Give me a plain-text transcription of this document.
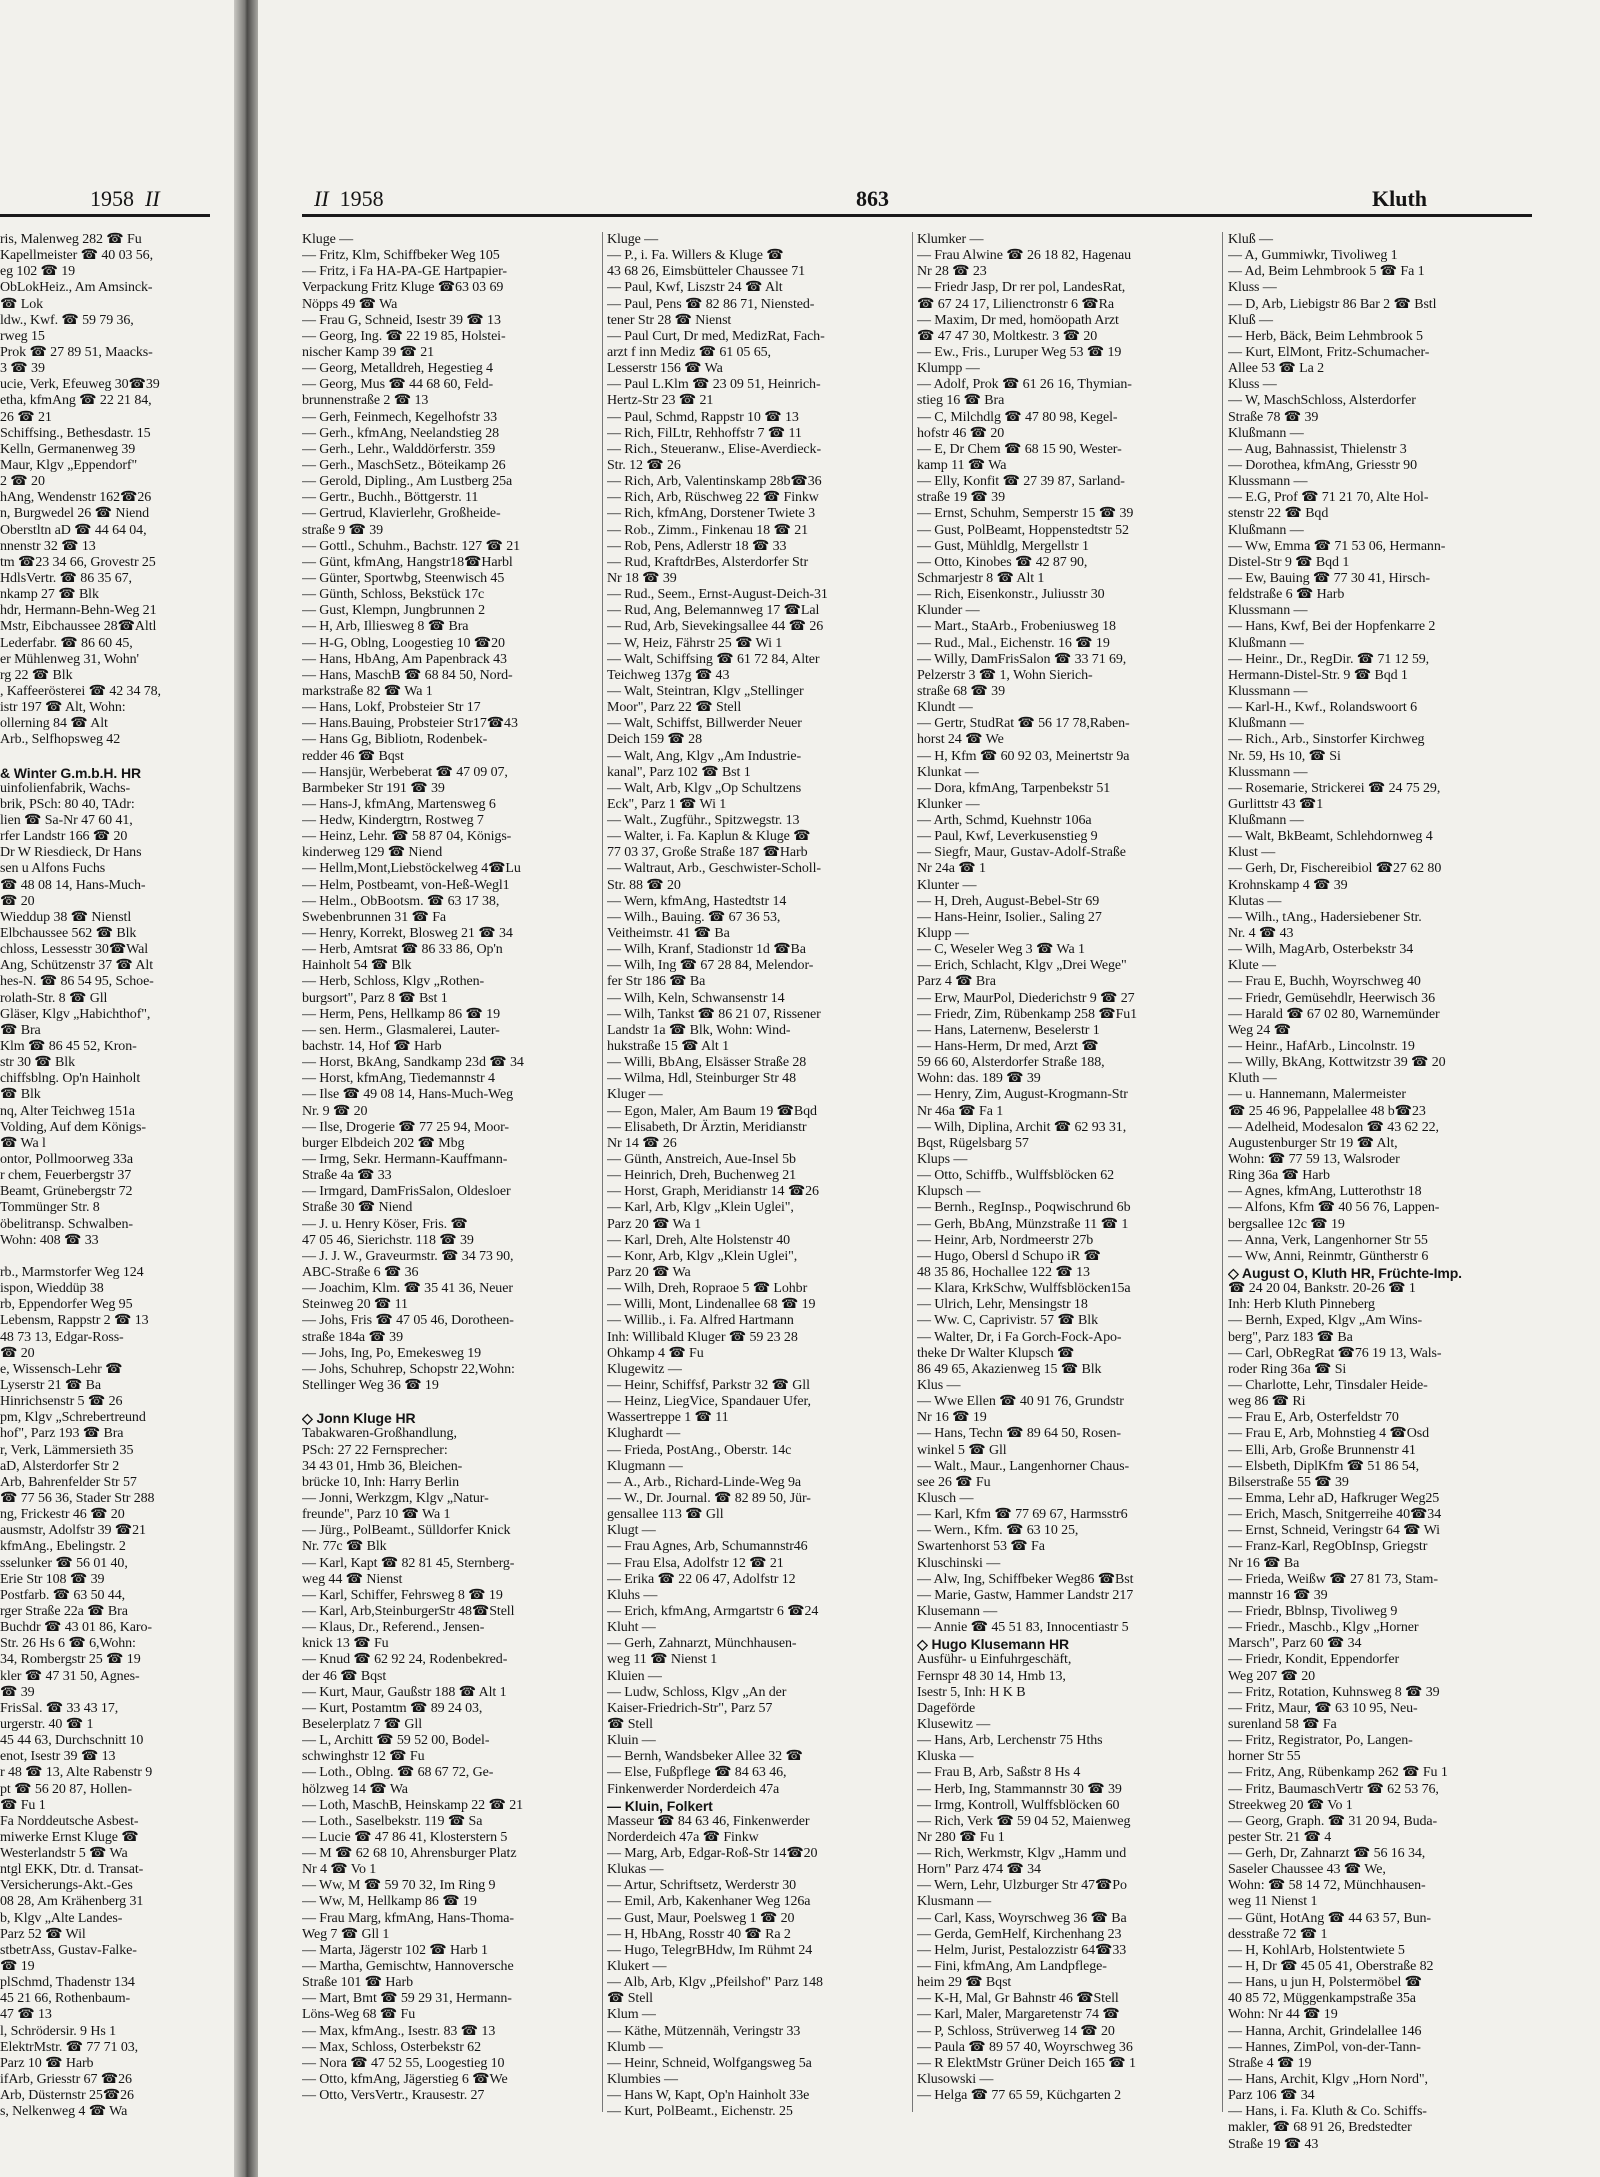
1958 II
ris, Malenweg 282 ☎ Fu
Kapellmeister ☎ 40 03 56,
eg 102 ☎ 19
ObLokHeiz., Am Amsinck-
☎ Lok
ldw., Kwf. ☎ 59 79 36,
rweg 15
Prok ☎ 27 89 51, Maacks-
3 ☎ 39
ucie, Verk, Efeuweg 30☎39
etha, kfmAng ☎ 22 21 84,
26 ☎ 21
Schiffsing., Bethesdastr. 15
Kelln, Germanenweg 39
Maur, Klgv „Eppendorf"
2 ☎ 20
hAng, Wendenstr 162☎26
n, Burgwedel 26 ☎ Niend
Oberstltn aD ☎ 44 64 04,
nnenstr 32 ☎ 13
tm ☎23 34 66, Grovestr 25
HdlsVertr. ☎ 86 35 67,
nkamp 27 ☎ Blk
hdr, Hermann-Behn-Weg 21
Mstr, Eibchaussee 28☎Altl
Lederfabr. ☎ 86 60 45,
er Mühlenweg 31, Wohn'
rg 22 ☎ Blk
, Kaffeerösterei ☎ 42 34 78,
istr 197 ☎ Alt, Wohn:
ollerning 84 ☎ Alt
Arb., Selfhopsweg 42
& Winter G.m.b.H. HR
uinfolienfabrik, Wachs-
brik, PSch: 80 40, TAdr:
lien ☎ Sa-Nr 47 60 41,
rfer Landstr 166 ☎ 20
Dr W Riesdieck, Dr Hans
sen u Alfons Fuchs
☎ 48 08 14, Hans-Much-
☎ 20
Wieddup 38 ☎ Nienstl
Elbchaussee 562 ☎ Blk
chloss, Lessesstr 30☎Wal
Ang, Schützenstr 37 ☎ Alt
hes-N. ☎ 86 54 95, Schoe-
rolath-Str. 8 ☎ Gll
Gläser, Klgv „Habichthof",
☎ Bra
Klm ☎ 86 45 52, Kron-
str 30 ☎ Blk
chiffsblng. Op'n Hainholt
☎ Blk
nq, Alter Teichweg 151a
Volding, Auf dem Königs-
☎ Wa l
ontor, Pollmoorweg 33a
r chem, Feuerbergstr 37
Beamt, Grünebergstr 72
Tommünger Str. 8
öbelitransp. Schwalben-
Wohn: 408 ☎ 33
rb., Marmstorfer Weg 124
ispon, Wieddüp 38
rb, Eppendorfer Weg 95
Lebensm, Rappstr 2 ☎ 13
48 73 13, Edgar-Ross-
☎ 20
e, Wissensch-Lehr ☎
Lyserstr 21 ☎ Ba
Hinrichsenstr 5 ☎ 26
pm, Klgv „Schrebertreund
hof", Parz 193 ☎ Bra
r, Verk, Lämmersieth 35
aD, Alsterdorfer Str 2
Arb, Bahrenfelder Str 57
☎ 77 56 36, Stader Str 288
ng, Frickestr 46 ☎ 20
ausmstr, Adolfstr 39 ☎21
kfmAng., Ebelingstr. 2
sselunker ☎ 56 01 40,
Erie Str 108 ☎ 39
Postfarb. ☎ 63 50 44,
rger Straße 22a ☎ Bra
Buchdr ☎ 43 01 86, Karo-
Str. 26 Hs 6 ☎ 6,Wohn:
34, Rombergstr 25 ☎ 19
kler ☎ 47 31 50, Agnes-
☎ 39
FrisSal. ☎ 33 43 17,
urgerstr. 40 ☎ 1
45 44 63, Durchschnitt 10
enot, Isestr 39 ☎ 13
r 48 ☎ 13, Alte Rabenstr 9
pt ☎ 56 20 87, Hollen-
☎ Fu 1
Fa Norddeutsche Asbest-
miwerke Ernst Kluge ☎
Westerlandstr 5 ☎ Wa
ntgl EKK, Dtr. d. Transat-
Versicherungs-Akt.-Ges
08 28, Am Krähenberg 31
b, Klgv „Alte Landes-
Parz 52 ☎ Wil
stbetrAss, Gustav-Falke-
☎ 19
plSchmd, Thadenstr 134
45 21 66, Rothenbaum-
47 ☎ 13
l, Schrödersir. 9 Hs 1
ElektrMstr. ☎ 77 71 03,
Parz 10 ☎ Harb
ifArb, Griesstr 67 ☎26
Arb, Düsternstr 25☎26
s, Nelkenweg 4 ☎ Wa
II 1958	863	Kluth
Kluge —
— Fritz, Klm, Schiffbeker Weg 105
— Fritz, i Fa HA-PA-GE Hartpapier-
Verpackung Fritz Kluge ☎63 03 69
Nöpps 49 ☎ Wa
— Frau G, Schneid, Isestr 39 ☎ 13
— Georg, Ing. ☎ 22 19 85, Holstei-
nischer Kamp 39 ☎ 21
— Georg, Metalldreh, Hegestieg 4
— Georg, Mus ☎ 44 68 60, Feld-
brunnenstraße 2 ☎ 13
— Gerh, Feinmech, Kegelhofstr 33
— Gerh., kfmAng, Neelandstieg 28
— Gerh., Lehr., Walddörferstr. 359
— Gerh., MaschSetz., Böteikamp 26
— Gerold, Dipling., Am Lustberg 25a
— Gertr., Buchh., Böttgerstr. 11
— Gertrud, Klavierlehr, Großheide-
straße 9 ☎ 39
— Gottl., Schuhm., Bachstr. 127 ☎ 21
— Günt, kfmAng, Hangstr18☎Harbl
— Günter, Sportwbg, Steenwisch 45
— Günth, Schloss, Bekstück 17c
— Gust, Klempn, Jungbrunnen 2
— H, Arb, Illiesweg 8 ☎ Bra
— H-G, Oblng, Loogestieg 10 ☎20
— Hans, HbAng, Am Papenbrack 43
— Hans, MaschB ☎ 68 84 50, Nord-
markstraße 82 ☎ Wa 1
— Hans, Lokf, Probsteier Str 17
— Hans.Bauing, Probsteier Str17☎43
— Hans Gg, Bibliotn, Rodenbek-
redder 46 ☎ Bqst
— Hansjür, Werbeberat ☎ 47 09 07,
Barmbeker Str 191 ☎ 39
— Hans-J, kfmAng, Martensweg 6
— Hedw, Kindergtrn, Rostweg 7
— Heinz, Lehr. ☎ 58 87 04, Königs-
kinderweg 129 ☎ Niend
— Hellm,Mont,Liebstöckelweg 4☎Lu
— Helm, Postbeamt, von-Heß-Wegl1
— Helm., ObBootsm. ☎ 63 17 38,
Swebenbrunnen 31 ☎ Fa
— Henry, Korrekt, Blosweg 21 ☎ 34
— Herb, Amtsrat ☎ 86 33 86, Op'n
Hainholt 54 ☎ Blk
— Herb, Schloss, Klgv „Rothen-
burgsort", Parz 8 ☎ Bst 1
— Herm, Pens, Hellkamp 86 ☎ 19
— sen. Herm., Glasmalerei, Lauter-
bachstr. 14, Hof ☎ Harb
— Horst, BkAng, Sandkamp 23d ☎ 34
— Horst, kfmAng, Tiedemannstr 4
— Ilse ☎ 49 08 14, Hans-Much-Weg
Nr. 9 ☎ 20
— Ilse, Drogerie ☎ 77 25 94, Moor-
burger Elbdeich 202 ☎ Mbg
— Irmg, Sekr. Hermann-Kauffmann-
Straße 4a ☎ 33
— Irmgard, DamFrisSalon, Oldesloer
Straße 30 ☎ Niend
— J. u. Henry Köser, Fris. ☎
47 05 46, Sierichstr. 118 ☎ 39
— J. J. W., Graveurmstr. ☎ 34 73 90,
ABC-Straße 6 ☎ 36
— Joachim, Klm. ☎ 35 41 36, Neuer
Steinweg 20 ☎ 11
— Johs, Fris ☎ 47 05 46, Dorotheen-
straße 184a ☎ 39
— Johs, Ing, Po, Emekesweg 19
— Johs, Schuhrep, Schopstr 22,Wohn:
Stellinger Weg 36 ☎ 19
◇ Jonn Kluge HR
Tabakwaren-Großhandlung,
PSch: 27 22 Fernsprecher:
34 43 01, Hmb 36, Bleichen-
brücke 10, Inh: Harry Berlin
— Jonni, Werkzgm, Klgv „Natur-
freunde", Parz 10 ☎ Wa 1
— Jürg., PolBeamt., Sülldorfer Knick
Nr. 77c ☎ Blk
— Karl, Kapt ☎ 82 81 45, Sternberg-
weg 44 ☎ Nienst
— Karl, Schiffer, Fehrsweg 8 ☎ 19
— Karl, Arb,SteinburgerStr 48☎Stell
— Klaus, Dr., Referend., Jensen-
knick 13 ☎ Fu
— Knud ☎ 62 92 24, Rodenbekred-
der 46 ☎ Bqst
— Kurt, Maur, Gaußstr 188 ☎ Alt 1
— Kurt, Postamtm ☎ 89 24 03,
Beselerplatz 7 ☎ Gll
— L, Architt ☎ 59 52 00, Bodel-
schwinghstr 12 ☎ Fu
— Loth., Oblng. ☎ 68 67 72, Ge-
hölzweg 14 ☎ Wa
— Loth, MaschB, Heinskamp 22 ☎ 21
— Loth., Saselbekstr. 119 ☎ Sa
— Lucie ☎ 47 86 41, Klosterstern 5
— M ☎ 62 68 10, Ahrensburger Platz
Nr 4 ☎ Vo 1
— Ww, M ☎ 59 70 32, Im Ring 9
— Ww, M, Hellkamp 86 ☎ 19
— Frau Marg, kfmAng, Hans-Thoma-
Weg 7 ☎ Gll 1
— Marta, Jägerstr 102 ☎ Harb 1
— Martha, Gemischtw, Hannoversche
Straße 101 ☎ Harb
— Mart, Bmt ☎ 59 29 31, Hermann-
Löns-Weg 68 ☎ Fu
— Max, kfmAng., Isestr. 83 ☎ 13
— Max, Schloss, Osterbekstr 62
— Nora ☎ 47 52 55, Loogestieg 10
— Otto, kfmAng, Jägerstieg 6 ☎We
— Otto, VersVertr., Krausestr. 27
Kluge —
— P., i. Fa. Willers & Kluge ☎
43 68 26, Eimsbütteler Chaussee 71
— Paul, Kwf, Liszstr 24 ☎ Alt
— Paul, Pens ☎ 82 86 71, Niensted-
tener Str 28 ☎ Nienst
— Paul Curt, Dr med, MedizRat, Fach-
arzt f inn Mediz ☎ 61 05 65,
Lesserstr 156 ☎ Wa
— Paul L.Klm ☎ 23 09 51, Heinrich-
Hertz-Str 23 ☎ 21
— Paul, Schmd, Rappstr 10 ☎ 13
— Rich, FilLtr, Rehhoffstr 7 ☎ 11
— Rich., Steueranw., Elise-Averdieck-
Str. 12 ☎ 26
— Rich, Arb, Valentinskamp 28b☎36
— Rich, Arb, Rüschweg 22 ☎ Finkw
— Rich, kfmAng, Dorstener Twiete 3
— Rob., Zimm., Finkenau 18 ☎ 21
— Rob, Pens, Adlerstr 18 ☎ 33
— Rud, KraftdrBes, Alsterdorfer Str
Nr 18 ☎ 39
— Rud., Seem., Ernst-August-Deich-31
— Rud, Ang, Belemannweg 17 ☎Lal
— Rud, Arb, Sievekingsallee 44 ☎ 26
— W, Heiz, Fährstr 25 ☎ Wi 1
— Walt, Schiffsing ☎ 61 72 84, Alter
Teichweg 137g ☎ 43
— Walt, Steintran, Klgv „Stellinger
Moor", Parz 22 ☎ Stell
— Walt, Schiffst, Billwerder Neuer
Deich 159 ☎ 28
— Walt, Ang, Klgv „Am Industrie-
kanal", Parz 102 ☎ Bst 1
— Walt, Arb, Klgv „Op Schultzens
Eck", Parz 1 ☎ Wi 1
— Walt., Zugführ., Spitzwegstr. 13
— Walter, i. Fa. Kaplun & Kluge ☎
77 03 37, Große Straße 187 ☎Harb
— Waltraut, Arb., Geschwister-Scholl-
Str. 88 ☎ 20
— Wern, kfmAng, Hastedtstr 14
— Wilh., Bauing. ☎ 67 36 53,
Veitheimstr. 41 ☎ Ba
— Wilh, Kranf, Stadionstr 1d ☎Ba
— Wilh, Ing ☎ 67 28 84, Melendor-
fer Str 186 ☎ Ba
— Wilh, Keln, Schwansenstr 14
— Wilh, Tankst ☎ 86 21 07, Rissener
Landstr 1a ☎ Blk, Wohn: Wind-
hukstraße 15 ☎ Alt 1
— Willi, BbAng, Elsässer Straße 28
— Wilma, Hdl, Steinburger Str 48
Kluger —
— Egon, Maler, Am Baum 19 ☎Bqd
— Elisabeth, Dr Ärztin, Meridianstr
Nr 14 ☎ 26
— Günth, Anstreich, Aue-Insel 5b
— Heinrich, Dreh, Buchenweg 21
— Horst, Graph, Meridianstr 14 ☎26
— Karl, Arb, Klgv „Klein Uglei",
Parz 20 ☎ Wa 1
— Karl, Dreh, Alte Holstenstr 40
— Konr, Arb, Klgv „Klein Uglei",
Parz 20 ☎ Wa
— Wilh, Dreh, Ropraoe 5 ☎ Lohbr
— Willi, Mont, Lindenallee 68 ☎ 19
— Willib., i. Fa. Alfred Hartmann
Inh: Willibald Kluger ☎ 59 23 28
Ohkamp 4 ☎ Fu
Klugewitz —
— Heinr, Schiffsf, Parkstr 32 ☎ Gll
— Heinz, LiegVice, Spandauer Ufer,
Wassertreppe 1 ☎ 11
Klughardt —
— Frieda, PostAng., Oberstr. 14c
Klugmann —
— A., Arb., Richard-Linde-Weg 9a
— W., Dr. Journal. ☎ 82 89 50, Jür-
gensallee 113 ☎ Gll
Klugt —
— Frau Agnes, Arb, Schumannstr46
— Frau Elsa, Adolfstr 12 ☎ 21
— Erika ☎ 22 06 47, Adolfstr 12
Kluhs —
— Erich, kfmAng, Armgartstr 6 ☎24
Kluht —
— Gerh, Zahnarzt, Münchhausen-
weg 11 ☎ Nienst 1
Kluien —
— Ludw, Schloss, Klgv „An der
Kaiser-Friedrich-Str", Parz 57
☎ Stell
Kluin —
— Bernh, Wandsbeker Allee 32 ☎
— Else, Fußpflege ☎ 84 63 46,
Finkenwerder Norderdeich 47a
— Kluin, Folkert
Masseur ☎ 84 63 46, Finkenwerder
Norderdeich 47a ☎ Finkw
— Marg, Arb, Edgar-Roß-Str 14☎20
Klukas —
— Artur, Schriftsetz, Werderstr 30
— Emil, Arb, Kakenhaner Weg 126a
— Gust, Maur, Poelsweg 1 ☎ 20
— H, HbAng, Rosstr 40 ☎ Ra 2
— Hugo, TelegrBHdw, Im Rühmt 24
Klukert —
— Alb, Arb, Klgv „Pfeilshof" Parz 148
☎ Stell
Klum —
— Käthe, Mützennäh, Veringstr 33
Klumb —
— Heinr, Schneid, Wolfgangsweg 5a
Klumbies —
— Hans W, Kapt, Op'n Hainholt 33e
— Kurt, PolBeamt., Eichenstr. 25
Klumker —
— Frau Alwine ☎ 26 18 82, Hagenau
Nr 28 ☎ 23
— Friedr Jasp, Dr rer pol, LandesRat,
☎ 67 24 17, Lilienctronstr 6 ☎Ra
— Maxim, Dr med, homöopath Arzt
☎ 47 47 30, Moltkestr. 3 ☎ 20
— Ew., Fris., Luruper Weg 53 ☎ 19
Klumpp —
— Adolf, Prok ☎ 61 26 16, Thymian-
stieg 16 ☎ Bra
— C, Milchdlg ☎ 47 80 98, Kegel-
hofstr 46 ☎ 20
— E, Dr Chem ☎ 68 15 90, Wester-
kamp 11 ☎ Wa
— Elly, Konfit ☎ 27 39 87, Sarland-
straße 19 ☎ 39
— Ernst, Schuhm, Semperstr 15 ☎ 39
— Gust, PolBeamt, Hoppenstedtstr 52
— Gust, Mühldlg, Mergellstr 1
— Otto, Kinobes ☎ 42 87 90,
Schmarjestr 8 ☎ Alt 1
— Rich, Eisenkonstr., Juliusstr 30
Klunder —
— Mart., StaArb., Frobeniusweg 18
— Rud., Mal., Eichenstr. 16 ☎ 19
— Willy, DamFrisSalon ☎ 33 71 69,
Pelzerstr 3 ☎ 1, Wohn Sierich-
straße 68 ☎ 39
Klundt —
— Gertr, StudRat ☎ 56 17 78,Raben-
horst 24 ☎ We
— H, Kfm ☎ 60 92 03, Meinertstr 9a
Klunkat —
— Dora, kfmAng, Tarpenbekstr 51
Klunker —
— Arth, Schmd, Kuehnstr 106a
— Paul, Kwf, Leverkusenstieg 9
— Siegfr, Maur, Gustav-Adolf-Straße
Nr 24a ☎ 1
Klunter —
— H, Dreh, August-Bebel-Str 69
— Hans-Heinr, Isolier., Saling 27
Klupp —
— C, Weseler Weg 3 ☎ Wa 1
— Erich, Schlacht, Klgv „Drei Wege"
Parz 4 ☎ Bra
— Erw, MaurPol, Diederichstr 9 ☎ 27
— Friedr, Zim, Rübenkamp 258 ☎Fu1
— Hans, Laternenw, Beselerstr 1
— Hans-Herm, Dr med, Arzt ☎
59 66 60, Alsterdorfer Straße 188,
Wohn: das. 189 ☎ 39
— Henry, Zim, August-Krogmann-Str
Nr 46a ☎ Fa 1
— Wilh, Diplina, Archit ☎ 62 93 31,
Bqst, Rügelsbarg 57
Klups —
— Otto, Schiffb., Wulffsblöcken 62
Klupsch —
— Bernh., RegInsp., Poqwischrund 6b
— Gerh, BbAng, Münzstraße 11 ☎ 1
— Heinr, Arb, Nordmeerstr 27b
— Hugo, Obersl d Schupo iR ☎
48 35 86, Hochallee 122 ☎ 13
— Klara, KrkSchw, Wulffsblöcken15a
— Ulrich, Lehr, Mensingstr 18
— Ww. C, Caprivistr. 57 ☎ Blk
— Walter, Dr, i Fa Gorch-Fock-Apo-
theke Dr Walter Klupsch ☎
86 49 65, Akazienweg 15 ☎ Blk
Klus —
— Wwe Ellen ☎ 40 91 76, Grundstr
Nr 16 ☎ 19
— Hans, Techn ☎ 89 64 50, Rosen-
winkel 5 ☎ Gll
— Walt., Maur., Langenhorner Chaus-
see 26 ☎ Fu
Klusch —
— Karl, Kfm ☎ 77 69 67, Harmsstr6
— Wern., Kfm. ☎ 63 10 25,
Swartenhorst 53 ☎ Fa
Kluschinski —
— Alw, Ing, Schiffbeker Weg86 ☎Bst
— Marie, Gastw, Hammer Landstr 217
Klusemann —
— Annie ☎ 45 51 83, Innocentiastr 5
◇ Hugo Klusemann HR
Ausführ- u Einfuhrgeschäft,
Fernspr 48 30 14, Hmb 13,
Isestr 5, Inh: H K B
Dageförde
Klusewitz —
— Hans, Arb, Lerchenstr 75 Hths
Kluska —
— Frau B, Arb, Saßstr 8 Hs 4
— Herb, Ing, Stammannstr 30 ☎ 39
— Irmg, Kontroll, Wulffsblöcken 60
— Rich, Verk ☎ 59 04 52, Maienweg
Nr 280 ☎ Fu 1
— Rich, Werkmstr, Klgv „Hamm und
Horn" Parz 474 ☎ 34
— Wern, Lehr, Ulzburger Str 47☎Po
Klusmann —
— Carl, Kass, Woyrschweg 36 ☎ Ba
— Gerda, GemHelf, Kirchenhang 23
— Helm, Jurist, Pestalozzistr 64☎33
— Fini, kfmAng, Am Landpflege-
heim 29 ☎ Bqst
— K-H, Mal, Gr Bahnstr 46 ☎Stell
— Karl, Maler, Margaretenstr 74 ☎
— P, Schloss, Strüverweg 14 ☎ 20
— Paula ☎ 89 57 40, Woyrschweg 36
— R ElektMstr Grüner Deich 165 ☎ 1
Klusowski —
— Helga ☎ 77 65 59, Küchgarten 2
Kluß —
— A, Gummiwkr, Tivoliweg 1
— Ad, Beim Lehmbrook 5 ☎ Fa 1
Kluss —
— D, Arb, Liebigstr 86 Bar 2 ☎ Bstl
Kluß —
— Herb, Bäck, Beim Lehmbrook 5
— Kurt, ElMont, Fritz-Schumacher-
Allee 53 ☎ La 2
Kluss —
— W, MaschSchloss, Alsterdorfer
Straße 78 ☎ 39
Klußmann —
— Aug, Bahnassist, Thielenstr 3
— Dorothea, kfmAng, Griesstr 90
Klussmann —
— E.G, Prof ☎ 71 21 70, Alte Hol-
stenstr 22 ☎ Bqd
Klußmann —
— Ww, Emma ☎ 71 53 06, Hermann-
Distel-Str 9 ☎ Bqd 1
— Ew, Bauing ☎ 77 30 41, Hirsch-
feldstraße 6 ☎ Harb
Klussmann —
— Hans, Kwf, Bei der Hopfenkarre 2
Klußmann —
— Heinr., Dr., RegDir. ☎ 71 12 59,
Hermann-Distel-Str. 9 ☎ Bqd 1
Klussmann —
— Karl-H., Kwf., Rolandswoort 6
Klußmann —
— Rich., Arb., Sinstorfer Kirchweg
Nr. 59, Hs 10, ☎ Si
Klussmann —
— Rosemarie, Strickerei ☎ 24 75 29,
Gurlittstr 43 ☎1
Klußmann —
— Walt, BkBeamt, Schlehdornweg 4
Klust —
— Gerh, Dr, Fischereibiol ☎27 62 80
Krohnskamp 4 ☎ 39
Klutas —
— Wilh., tAng., Hadersiebener Str.
Nr. 4 ☎ 43
— Wilh, MagArb, Osterbekstr 34
Klute —
— Frau E, Buchh, Woyrschweg 40
— Friedr, Gemüsehdlr, Heerwisch 36
— Harald ☎ 67 02 80, Warnemünder
Weg 24 ☎
— Heinr., HafArb., Lincolnstr. 19
— Willy, BkAng, Kottwitzstr 39 ☎ 20
Kluth —
— u. Hannemann, Malermeister
☎ 25 46 96, Pappelallee 48 b☎23
— Adelheid, Modesalon ☎ 43 62 22,
Augustenburger Str 19 ☎ Alt,
Wohn: ☎ 77 59 13, Walsroder
Ring 36a ☎ Harb
— Agnes, kfmAng, Lutterothstr 18
— Alfons, Kfm ☎ 40 56 76, Lappen-
bergsallee 12c ☎ 19
— Anna, Verk, Langenhorner Str 55
— Ww, Anni, Reinmtr, Güntherstr 6
◇ August O, Kluth HR, Früchte-Imp.
☎ 24 20 04, Bankstr. 20-26 ☎ 1
Inh: Herb Kluth Pinneberg
— Bernh, Exped, Klgv „Am Wins-
berg", Parz 183 ☎ Ba
— Carl, ObRegRat ☎76 19 13, Wals-
roder Ring 36a ☎ Si
— Charlotte, Lehr, Tinsdaler Heide-
weg 86 ☎ Ri
— Frau E, Arb, Osterfeldstr 70
— Frau E, Arb, Mohnstieg 4 ☎Osd
— Elli, Arb, Große Brunnenstr 41
— Elsbeth, DiplKfm ☎ 51 86 54,
Bilserstraße 55 ☎ 39
— Emma, Lehr aD, Hafkruger Weg25
— Erich, Masch, Snitgerreihe 40☎34
— Ernst, Schneid, Veringstr 64 ☎ Wi
— Franz-Karl, RegObInsp, Griegstr
Nr 16 ☎ Ba
— Frieda, Weißw ☎ 27 81 73, Stam-
mannstr 16 ☎ 39
— Friedr, Bblnsp, Tivoliweg 9
— Friedr., Maschb., Klgv „Horner
Marsch", Parz 60 ☎ 34
— Friedr, Kondit, Eppendorfer
Weg 207 ☎ 20
— Fritz, Rotation, Kuhnsweg 8 ☎ 39
— Fritz, Maur, ☎ 63 10 95, Neu-
surenland 58 ☎ Fa
— Fritz, Registrator, Po, Langen-
horner Str 55
— Fritz, Ang, Rübenkamp 262 ☎ Fu 1
— Fritz, BaumaschVertr ☎ 62 53 76,
Streekweg 20 ☎ Vo 1
— Georg, Graph. ☎ 31 20 94, Buda-
pester Str. 21 ☎ 4
— Gerh, Dr, Zahnarzt ☎ 56 16 34,
Saseler Chaussee 43 ☎ We,
Wohn: ☎ 58 14 72, Münchhausen-
weg 11 Nienst 1
— Günt, HotAng ☎ 44 63 57, Bun-
desstraße 72 ☎ 1
— H, KohlArb, Holstentwiete 5
— H, Dr ☎ 45 05 41, Oberstraße 82
— Hans, u jun H, Polstermöbel ☎
40 85 72, Müggenkampstraße 35a
Wohn: Nr 44 ☎ 19
— Hanna, Archit, Grindelallee 146
— Hannes, ZimPol, von-der-Tann-
Straße 4 ☎ 19
— Hans, Archit, Klgv „Horn Nord",
Parz 106 ☎ 34
— Hans, i. Fa. Kluth & Co. Schiffs-
makler, ☎ 68 91 26, Bredstedter
Straße 19 ☎ 43
